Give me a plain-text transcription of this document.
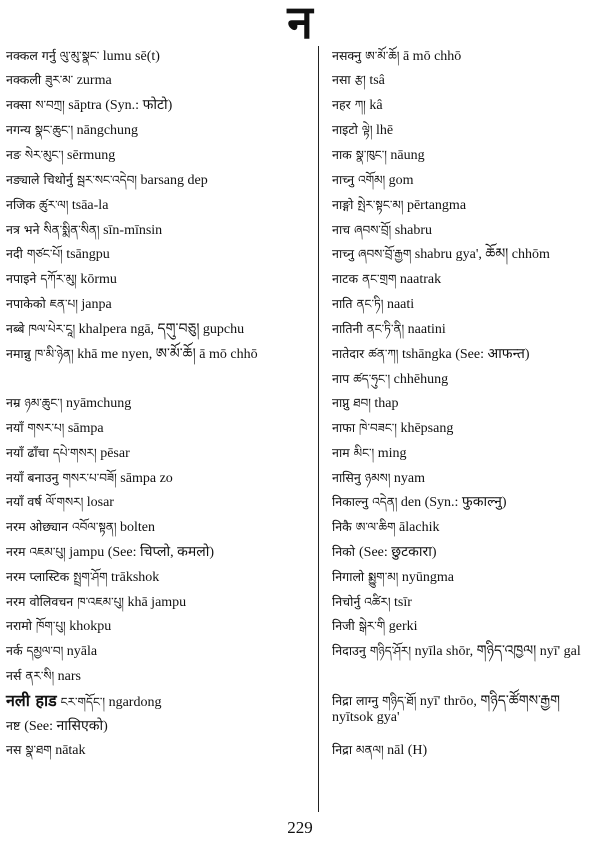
न
नक्कल गर्नु ལུ་མུ་སྣང་ lumu sē(t)
नक्कली ཟུར་མ་ zurma
नक्सा ས་བཀྲ། sāptra (Syn.: फोटो)
नगन्य སྣང་ཆུང་། nāngchung
नङ སེར་མུང་། sērmung
नङ्याले चिथोर्नु སྦར་སང་འདེབ། barsang dep
नजिक ཚུར་ལ། tsāa-la
नत्र भने སིན་སྨིན་སིན། sīn-mīnsin
नदी གཙང་པོ། tsāngpu
नपाइने དཀོར་མུ། kōrmu
नपाकेको ཇན་པ། janpa
नब्बे ཁལ་པེར་ངཱ། khalpera ngā, དགུ་བཅུ། gupchu
नमान्नु ཁ་མི་ཉེན། khā me nyen, ཨ་མོ་ཆོ། ā mō chhō
नम्र ཉམ་ཆུང་། nyāmchung
नयाँ གསར་པ། sāmpa
नयाँ ढाँचा དཔེ་གསར། pēsar
नयाँ बनाउनु གསར་པ་བཟོ། sāmpa zo
नयाँ वर्ष ལོ་གསར། losar
नरम ओछ्यान འབོལ་སྟན། bolten
नरम འཇམ་པུ། jampu (See: चिप्लो, कमलो)
नरम प्लास्टिक སྤྲག་ཤོག trākshok
नरम वोलिवचन ཁ་འཇམ་པུ། khā jampu
नरामो ཁོག་པུ། khokpu
नर्क དམྱལ་བ། nyāla
नर्स ནར་སི། nars
नली हाड ངར་གདོང་། ngardong
नष्ट (See: नासिएको)
नस སྣ་ཐག nātak
नसक्नु ཨ་མོ་ཆོ། ā mō chhō
नसा རྩ། tsâ
नहर ཀ། kâ
नाइटो ལྟེ། lhē
नाक སྣ་ཁུང་། nāung
नाच्नु འགོམ། gom
नाङ्गो སྤེར་སྟང་མ། pērtangma
नाच ཞབས་བྲོ། shabru
नाच्नु ཞབས་བྲོ་རྒྱག shabru gya', ཆོམ། chhōm
नाटक ནང་གྲག naatrak
नाति ནང་ཏི། naati
नातिनी ནང་ཏི་ནི། naatini
नातेदार ཚན་ཀ། tshāngka (See: आफन्त)
नाप ཚད་ཧུང་། chhēhung
नाप्नु ཐབ། thap
नाफा ཁེ་བཟང་། khēpsang
नाम མིང་། ming
नासिनु ཉམས། nyam
निकाल्नु འདེན། den (Syn.: फुकाल्नु)
निकै ཨ་ལ་ཆིག ālachik
निको (See: छुटकारा)
निगालो སྨྱུག་མ། nyūngma
निचोर्नु འཚིར། tsīr
निजी སྒེར་གི gerki
निदाउनु གཉིད་ཤོར། nyīla shōr, གཉིད་འཁྱལ། nyī' gal
निद्रा लाग्नु གཉིད་ཐོ། nyī' thrōo, གཉིད་ཚོགས་རྒྱག nyītsok gya'
निद्रा མནལ། nāl (H)
229
